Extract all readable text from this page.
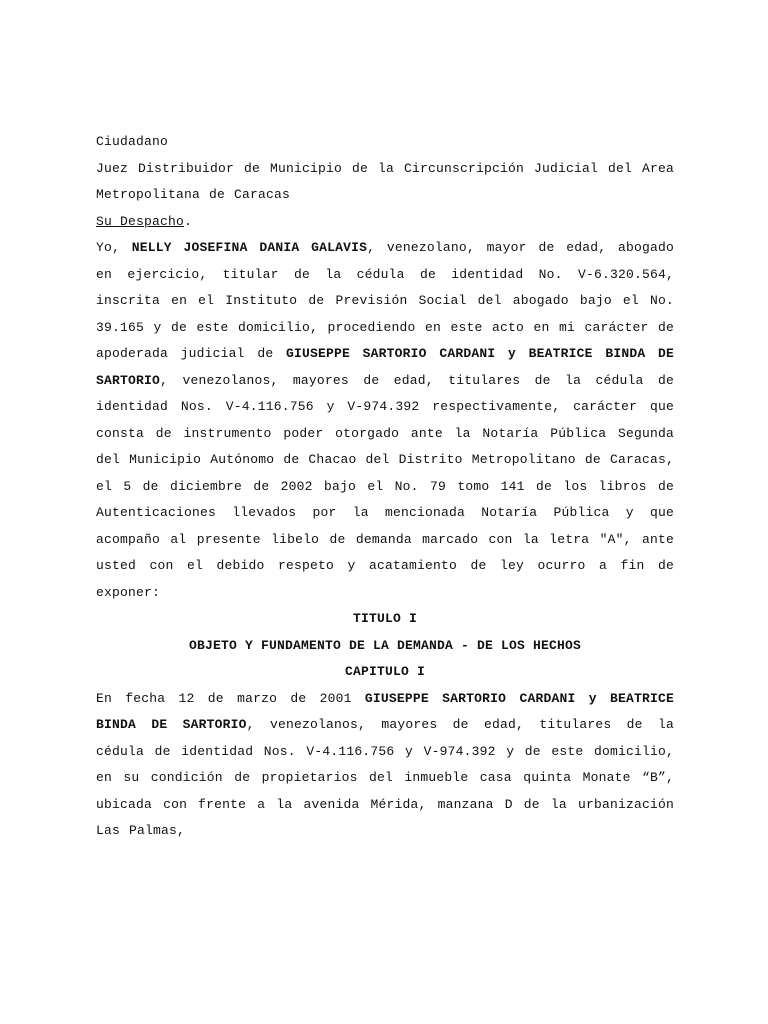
Ciudadano

Juez Distribuidor de Municipio de la Circunscripción Judicial del Area Metropolitana de Caracas

Su Despacho.

Yo, NELLY JOSEFINA DANIA GALAVIS, venezolano, mayor de edad, abogado en ejercicio, titular de la cédula de identidad No. V-6.320.564, inscrita en el Instituto de Previsión Social del abogado bajo el No. 39.165 y de este domicilio, procediendo en este acto en mi carácter de apoderada judicial de GIUSEPPE SARTORIO CARDANI y BEATRICE BINDA DE SARTORIO, venezolanos, mayores de edad, titulares de la cédula de identidad Nos. V-4.116.756 y V-974.392 respectivamente, carácter que consta de instrumento poder otorgado ante la Notaría Pública Segunda del Municipio Autónomo de Chacao del Distrito Metropolitano de Caracas, el 5 de diciembre de 2002 bajo el No. 79 tomo 141 de los libros de Autenticaciones llevados por la mencionada Notaría Pública y que acompaño al presente libelo de demanda marcado con la letra "A", ante usted con el debido respeto y acatamiento de ley ocurro a fin de exponer:

TITULO I

OBJETO Y FUNDAMENTO DE LA DEMANDA - DE LOS HECHOS

CAPITULO I

En fecha 12 de marzo de 2001 GIUSEPPE SARTORIO CARDANI y BEATRICE BINDA DE SARTORIO, venezolanos, mayores de edad, titulares de la cédula de identidad Nos. V-4.116.756 y V-974.392 y de este domicilio, en su condición de propietarios del inmueble casa quinta Monate “B”, ubicada con frente a la avenida Mérida, manzana D de la urbanización Las Palmas,
